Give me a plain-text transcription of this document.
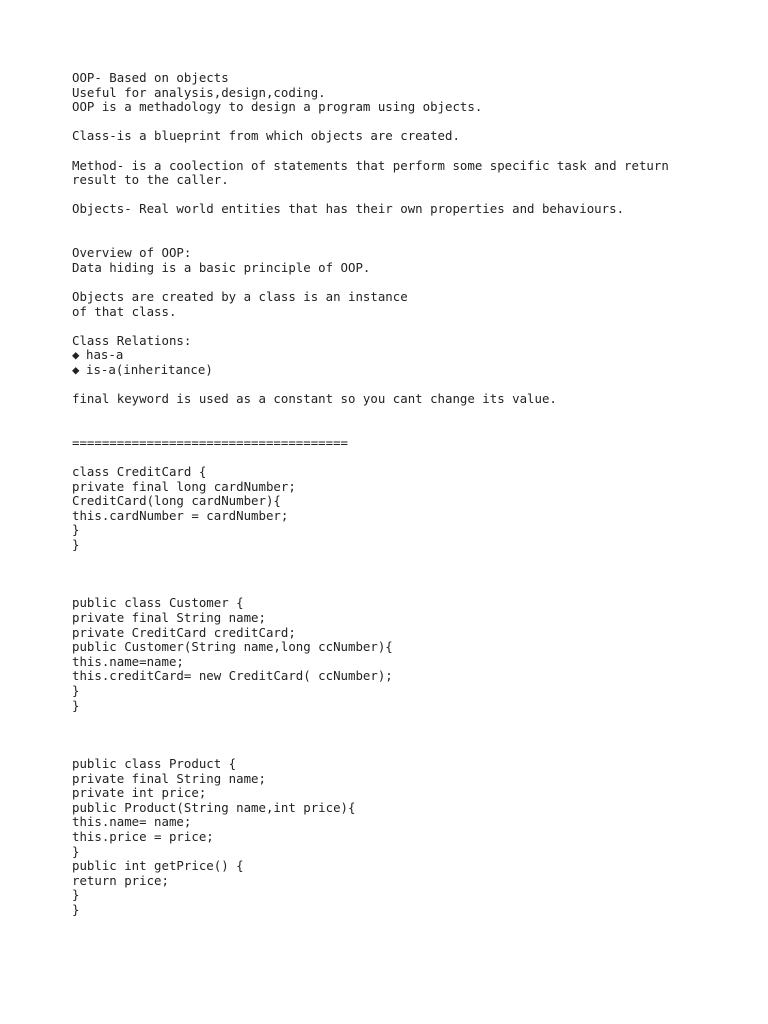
OOP- Based on objects
Useful for analysis,design,coding.
OOP is a methadology to design a program using objects.
Class-is a blueprint from which objects are created.
Method- is a coolection of statements that perform some specific task and return
result to the caller.
Objects- Real world entities that has their own properties and behaviours.
Overview of OOP:
Data hiding is a basic principle of OOP.
Objects are created by a class is an instance
of that class.
Class Relations:
◆ has-a
◆ is-a(inheritance)
final keyword is used as a constant so you cant change its value.
=====================================
class CreditCard {
private final long cardNumber;
CreditCard(long cardNumber){
this.cardNumber = cardNumber;
}
}
public class Customer {
private final String name;
private CreditCard creditCard;
public Customer(String name,long ccNumber){
this.name=name;
this.creditCard= new CreditCard( ccNumber);
}
}
public class Product {
private final String name;
private int price;
public Product(String name,int price){
this.name= name;
this.price = price;
}
public int getPrice() {
return price;
}
}
